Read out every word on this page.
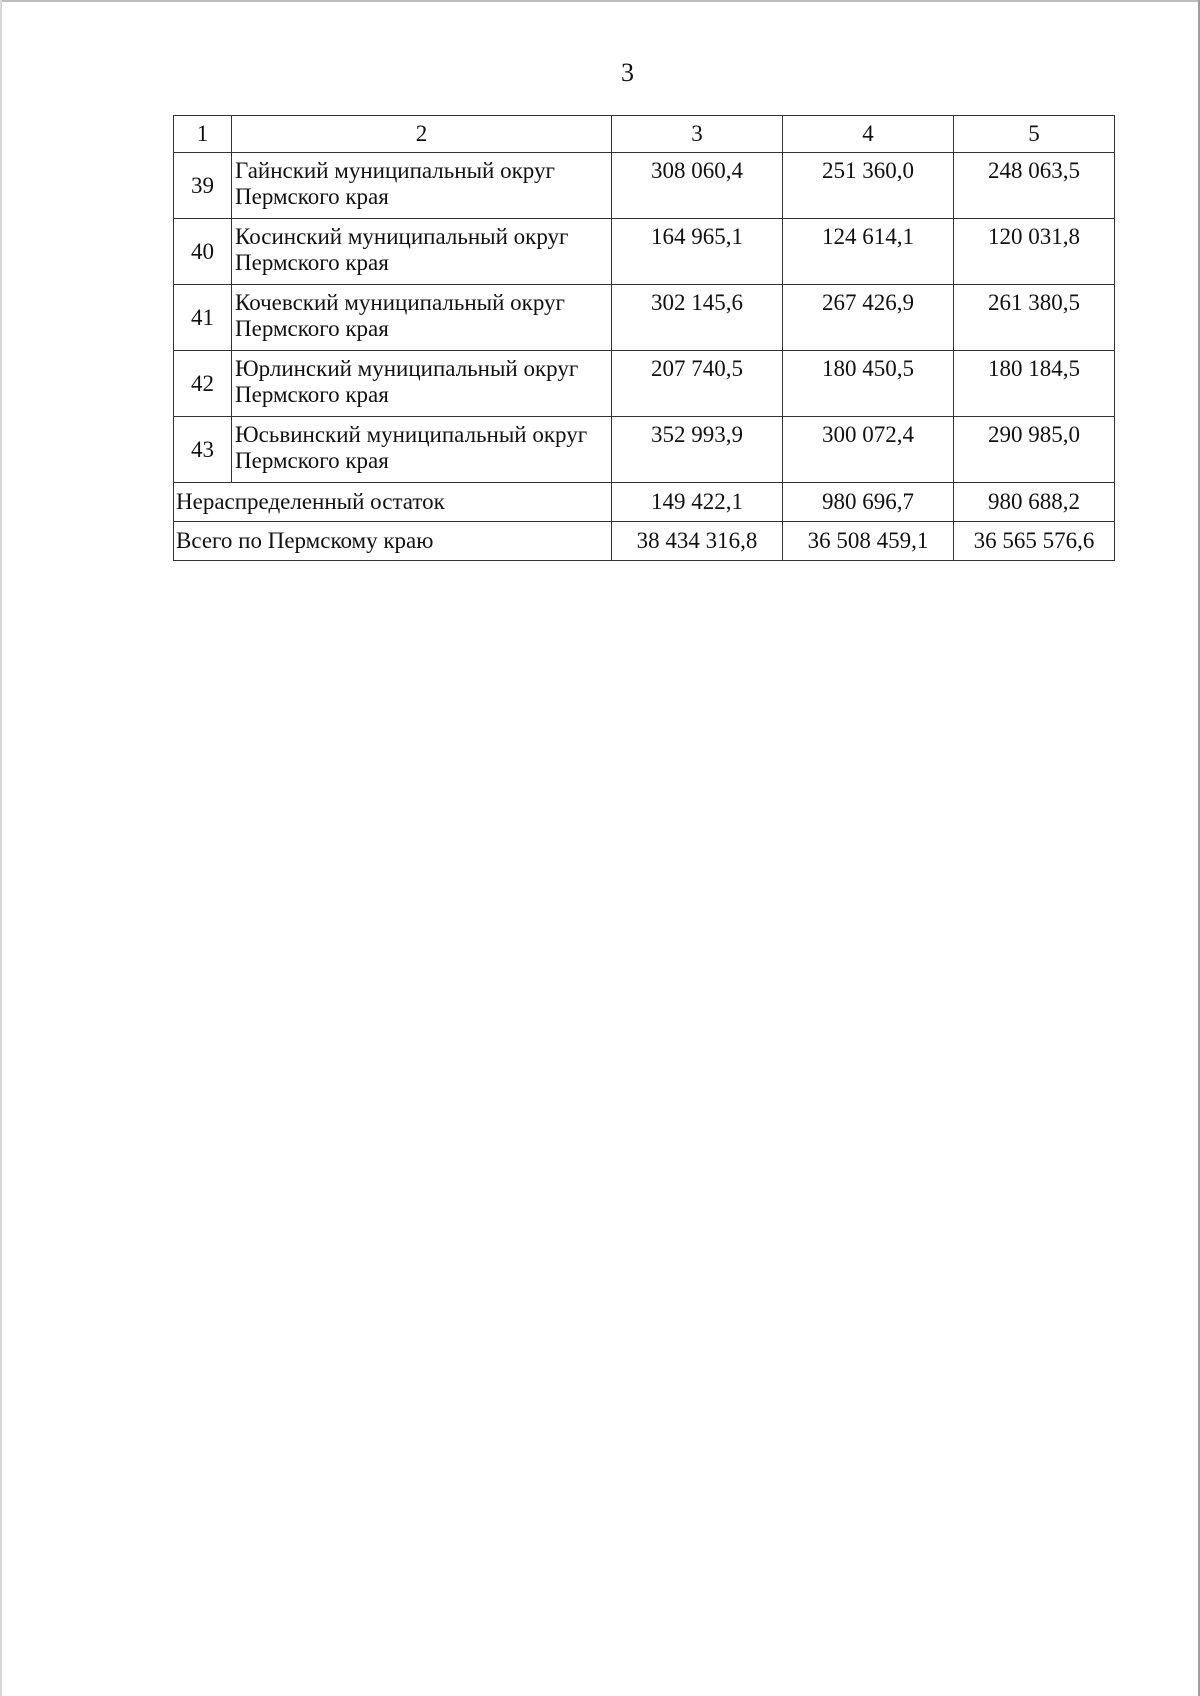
3
1	2	3	4	5
39	Гайнский муниципальный округ
Пермского края	308 060,4	251 360,0	248 063,5
40	Косинский муниципальный округ
Пермского края	164 965,1	124 614,1	120 031,8
41	Кочевский муниципальный округ
Пермского края	302 145,6	267 426,9	261 380,5
42	Юрлинский муниципальный округ
Пермского края	207 740,5	180 450,5	180 184,5
43	Юсьвинский муниципальный округ
Пермского края	352 993,9	300 072,4	290 985,0
Нераспределенный остаток		149 422,1	980 696,7	980 688,2
Всего по Пермскому краю		38 434 316,8	36 508 459,1	36 565 576,6
